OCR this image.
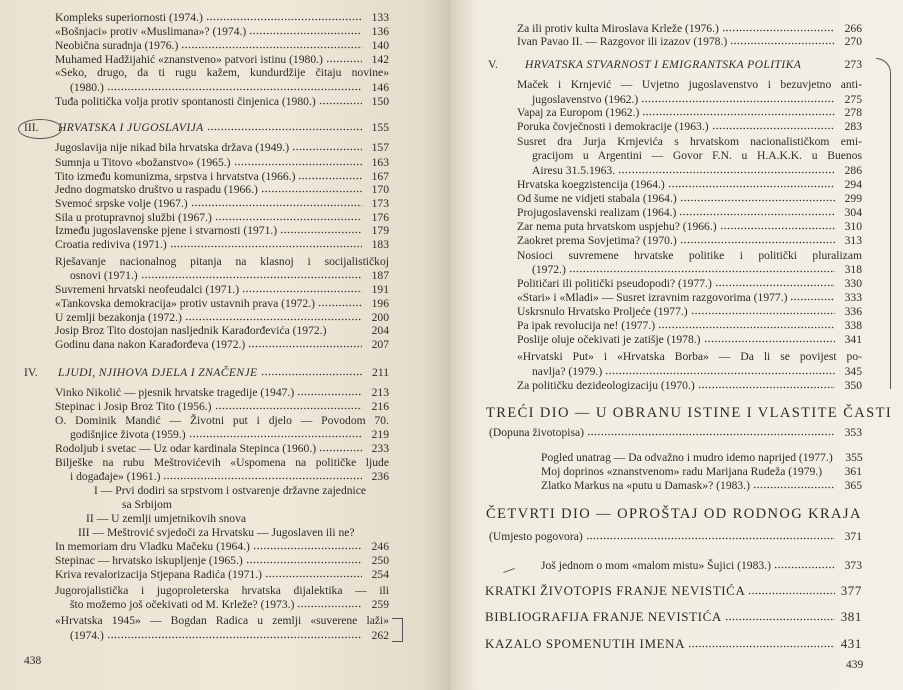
438
Kompleks superiornosti (1974.)	133
«Bošnjaci» protiv «Muslimana»? (1974.)	136
Neobična suradnja (1976.)	140
Muhamed Hadžijahić «znanstveno» patvori istinu (1980.)	142
«Seko, drugo, da ti rugu kažem, kundurdžije čitaju novine»
(1980.)	146
Tuđa politička volja protiv spontanosti činjenica (1980.)	150
HRVATSKA I JUGOSLAVIJA	155
III.
Jugoslavija nije nikad bila hrvatska država (1949.)	157
Sumnja u Titovo «božanstvo» (1965.)	163
Tito između komunizma, srpstva i hrvatstva (1966.)	167
Jedno dogmatsko društvo u raspadu (1966.)	170
Svemoć srpske volje (1967.)	173
Sila u protupravnoj službi (1967.)	176
Između jugoslavenske pjene i stvarnosti (1971.)	179
Croatia rediviva (1971.)	183
Rješavanje nacionalnog pitanja na klasnoj i socijalističkoj
osnovi (1971.)	187
Suvremeni hrvatski neofeudalci (1971.)	191
«Tankovska demokracija» protiv ustavnih prava (1972.)	196
U zemlji bezakonja (1972.)	200
Josip Broz Tito dostojan nasljednik Karađorđevića (1972.)	204
Godinu dana nakon Karađorđeva (1972.)	207
LJUDI, NJIHOVA DJELA I ZNAČENJE	211
IV.
Vinko Nikolić — pjesnik hrvatske tragedije (1947.)	213
Stepinac i Josip Broz Tito (1956.)	216
O. Dominik Mandić — Životni put i djelo — Povodom 70.
godišnjice života (1959.)	219
Rodoljub i svetac — Uz odar kardinala Stepinca (1960.)	233
Bilješke na rubu Meštrovićevih «Uspomena na političke ljude
i događaje» (1961.)	236
I — Prvi dodiri sa srpstvom i ostvarenje državne zajednice
sa Srbijom
II — U zemlji umjetnikovih snova
III — Meštrović svjedoči za Hrvatsku — Jugoslaven ili ne?
In memoriam dru Vladku Mačeku (1964.)	246
Stepinac — hrvatsko iskupljenje (1965.)	250
Kriva revalorizacija Stjepana Radića (1971.)	254
Jugorojalistička i jugoproleterska hrvatska dijalektika — ili
što možemo još očekivati od M. Krleže? (1973.)	259
«Hrvatska 1945» — Bogdan Radica u zemlji «suverene laži»
(1974.)	262
439
Za ili protiv kulta Miroslava Krleže (1976.)	266
Ivan Pavao II. — Razgovor ili izazov (1978.)	270
HRVATSKA STVARNOST I EMIGRANTSKA POLITIKA	273
V.
Maček i Krnjević — Uvjetno jugoslavenstvo i bezuvjetno anti-
jugoslavenstvo (1962.)	275
Vapaj za Europom (1962.)	278
Poruka čovječnosti i demokracije (1963.)	283
Susret dra Jurja Krnjevića s hrvatskom nacionalističkom emi-
gracijom u Argentini — Govor F.N. u H.A.K.K. u Buenos
Airesu 31.5.1963.	286
Hrvatska koegzistencija (1964.)	294
Od šume ne vidjeti stabala (1964.)	299
Projugoslavenski realizam (1964.)	304
Zar nema puta hrvatskom uspjehu? (1966.)	310
Zaokret prema Sovjetima? (1970.)	313
Nosioci suvremene hrvatske politike i politički pluralizam
(1972.)	318
Političari ili politički pseudopodi? (1977.)	330
«Stari» i «Mladi» — Susret izravnim razgovorima (1977.)	333
Uskrsnulo Hrvatsko Proljeće (1977.)	336
Pa ipak revolucija ne! (1977.)	338
Poslije oluje očekivati je zatišje (1978.)	341
«Hrvatski Put» i «Hrvatska Borba» — Da li se povijest po-
navlja? (1979.)	345
Za političku dezideologizaciju (1970.)	350
TREĆI DIO — U OBRANU ISTINE I VLASTITE ČASTI
(Dopuna životopisa)	353
Pogled unatrag — Da odvažno i mudro idemo naprijed (1977.)	355
Moj doprinos «znanstvenom» radu Marijana Rudeža (1979.)	361
Zlatko Markus na «putu u Damask»? (1983.)	365
ČETVRTI DIO — OPROŠTAJ OD RODNOG KRAJA
(Umjesto pogovora)	371
Još jednom o mom «malom mistu» Šujici (1983.)	373
KRATKI ŽIVOTOPIS FRANJE NEVISTIĆA	377
BIBLIOGRAFIJA FRANJE NEVISTIĆA	381
KAZALO SPOMENUTIH IMENA	431
